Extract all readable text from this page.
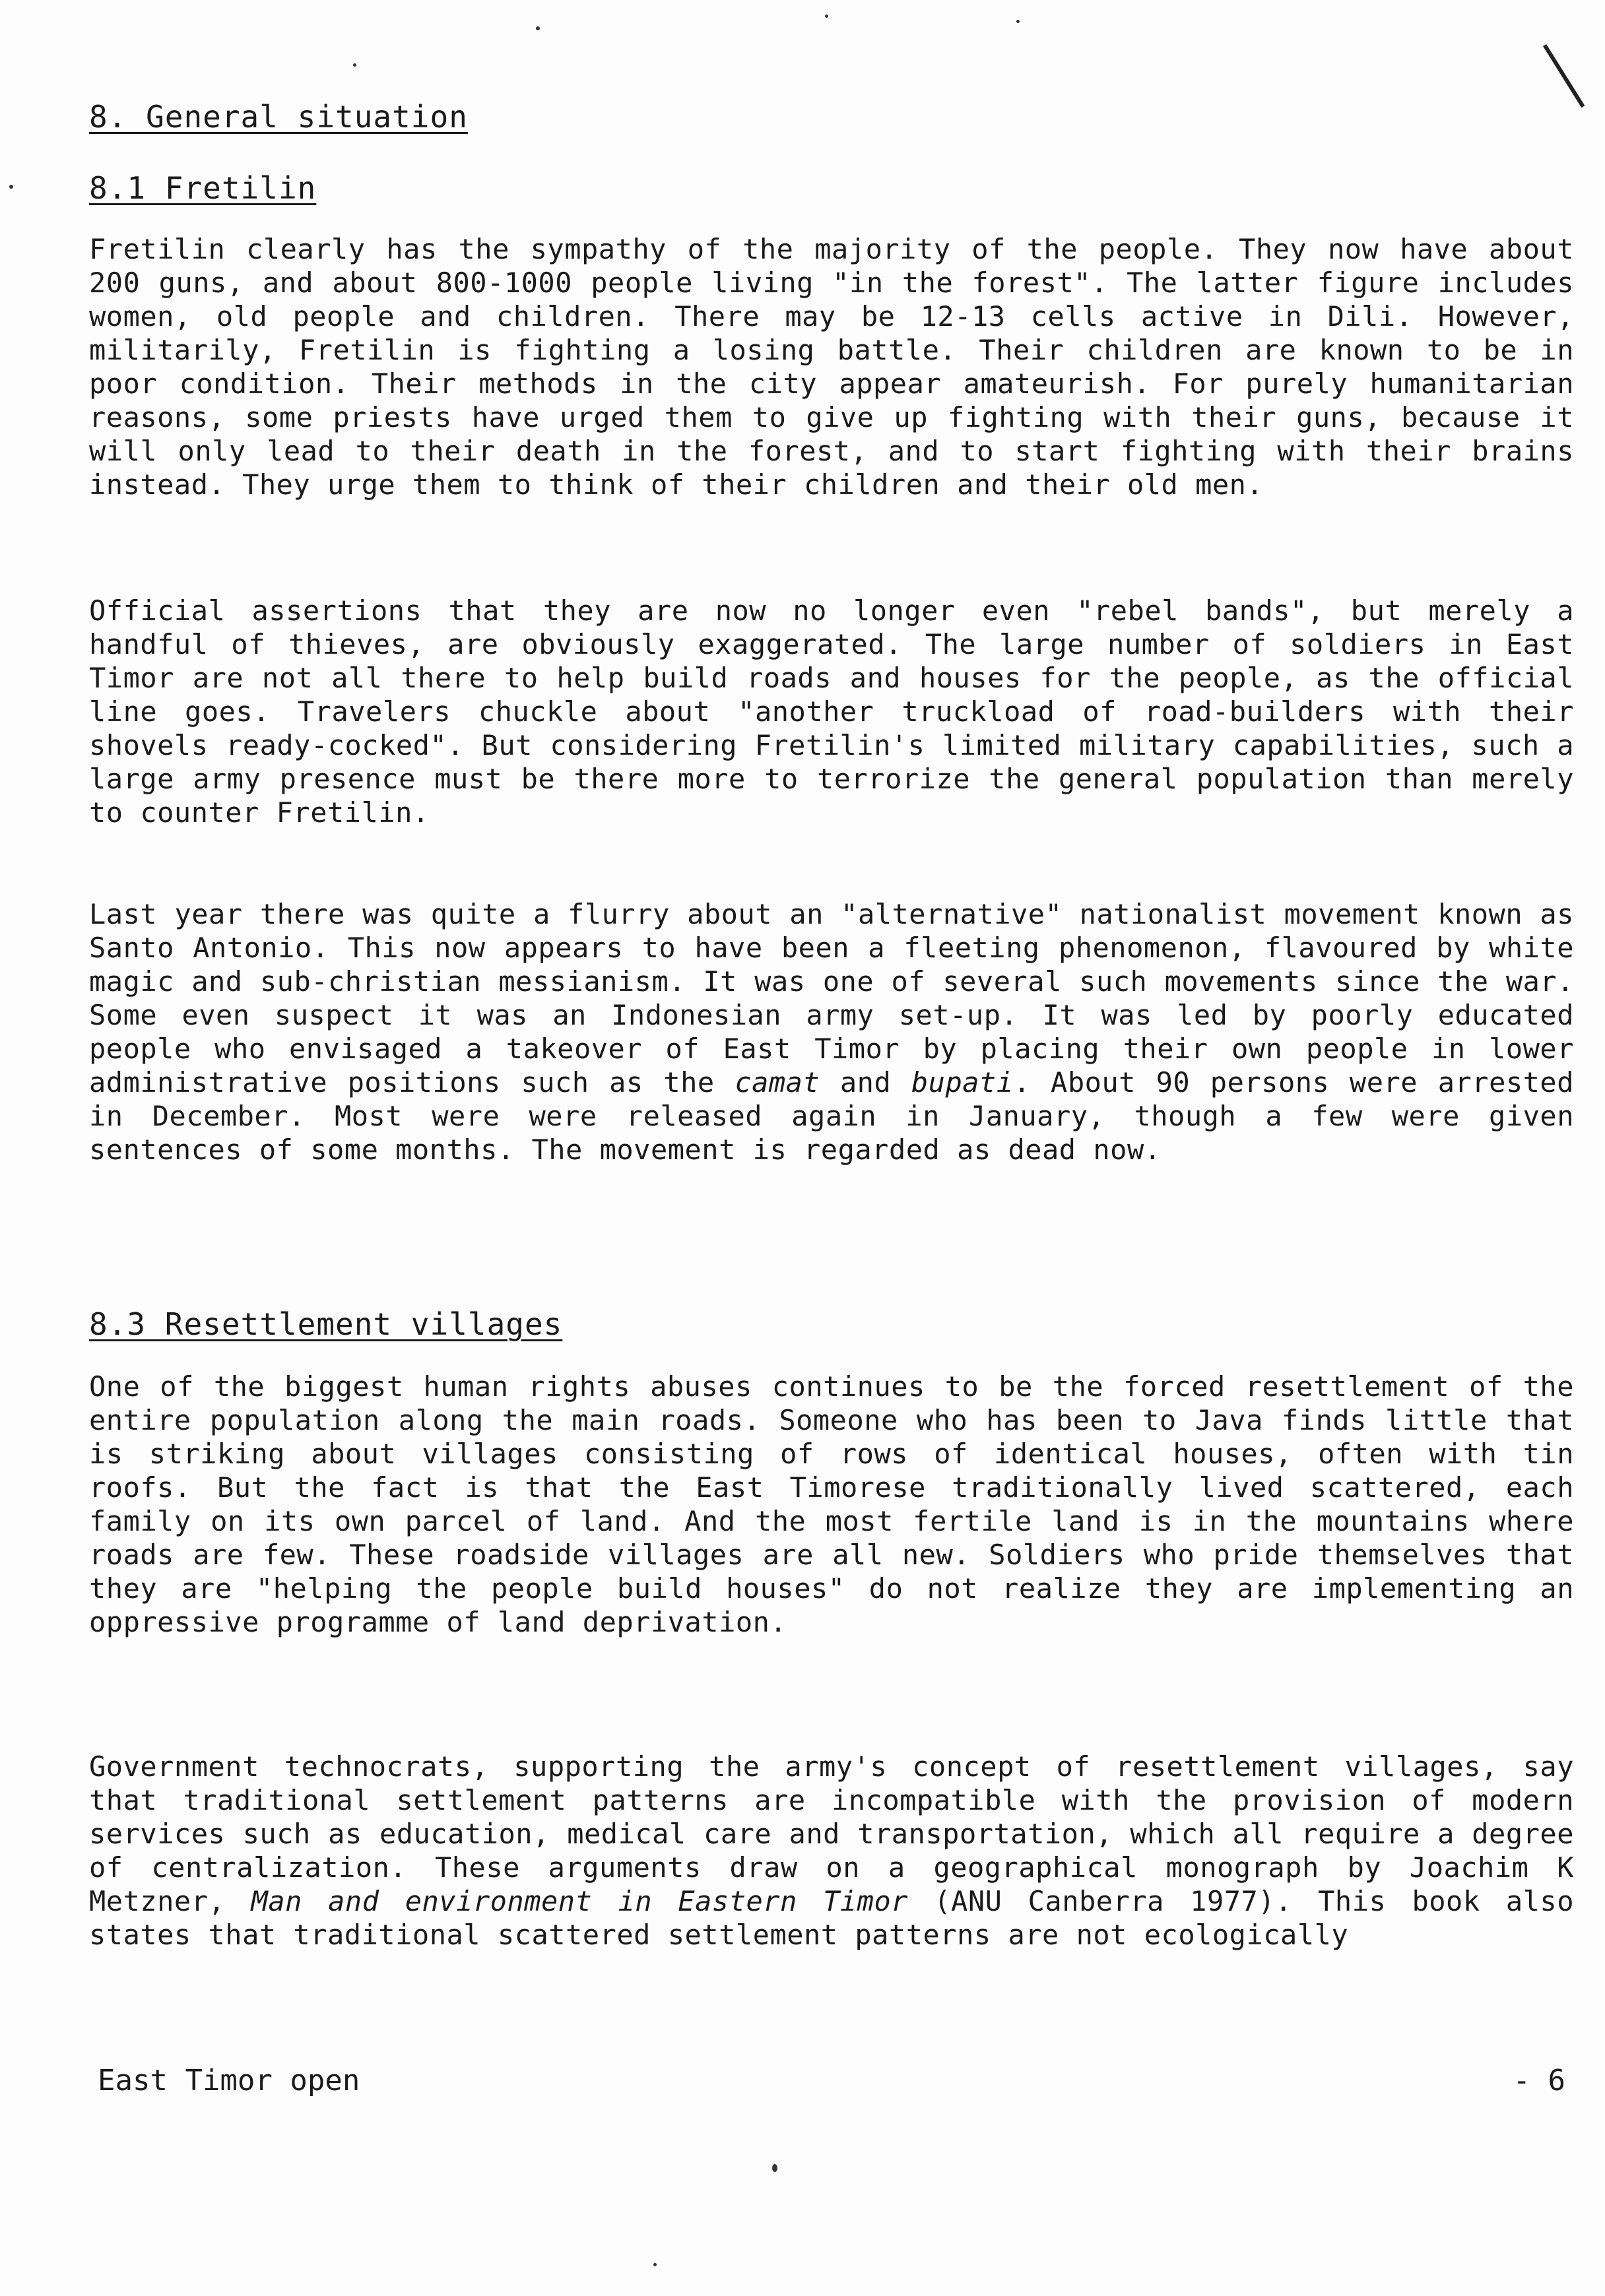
8. General situation
8.1 Fretilin
Fretilin clearly has the sympathy of the majority of the people. They now have about 200 guns, and about 800-1000 people living "in the forest". The latter figure includes women, old people and children. There may be 12-13 cells active in Dili. However, militarily, Fretilin is fighting a losing battle. Their children are known to be in poor condition. Their methods in the city appear amateurish. For purely humanitarian reasons, some priests have urged them to give up fighting with their guns, because it will only lead to their death in the forest, and to start fighting with their brains instead. They urge them to think of their children and their old men.
Official assertions that they are now no longer even "rebel bands", but merely a handful of thieves, are obviously exaggerated. The large number of soldiers in East Timor are not all there to help build roads and houses for the people, as the official line goes. Travelers chuckle about "another truckload of road-builders with their shovels ready-cocked". But considering Fretilin's limited military capabilities, such a large army presence must be there more to terrorize the general population than merely to counter Fretilin.
Last year there was quite a flurry about an "alternative" nationalist movement known as Santo Antonio. This now appears to have been a fleeting phenomenon, flavoured by white magic and sub-christian messianism. It was one of several such movements since the war. Some even suspect it was an Indonesian army set-up. It was led by poorly educated people who envisaged a takeover of East Timor by placing their own people in lower administrative positions such as the camat and bupati. About 90 persons were arrested in December. Most were were released again in January, though a few were given sentences of some months. The movement is regarded as dead now.
8.3 Resettlement villages
One of the biggest human rights abuses continues to be the forced resettlement of the entire population along the main roads. Someone who has been to Java finds little that is striking about villages consisting of rows of identical houses, often with tin roofs. But the fact is that the East Timorese traditionally lived scattered, each family on its own parcel of land. And the most fertile land is in the mountains where roads are few. These roadside villages are all new. Soldiers who pride themselves that they are "helping the people build houses" do not realize they are implementing an oppressive programme of land deprivation.
Government technocrats, supporting the army's concept of resettlement villages, say that traditional settlement patterns are incompatible with the provision of modern services such as education, medical care and transportation, which all require a degree of centralization. These arguments draw on a geographical monograph by Joachim K Metzner, Man and environment in Eastern Timor (ANU Canberra 1977). This book also states that traditional scattered settlement patterns are not ecologically
East Timor open	- 6
